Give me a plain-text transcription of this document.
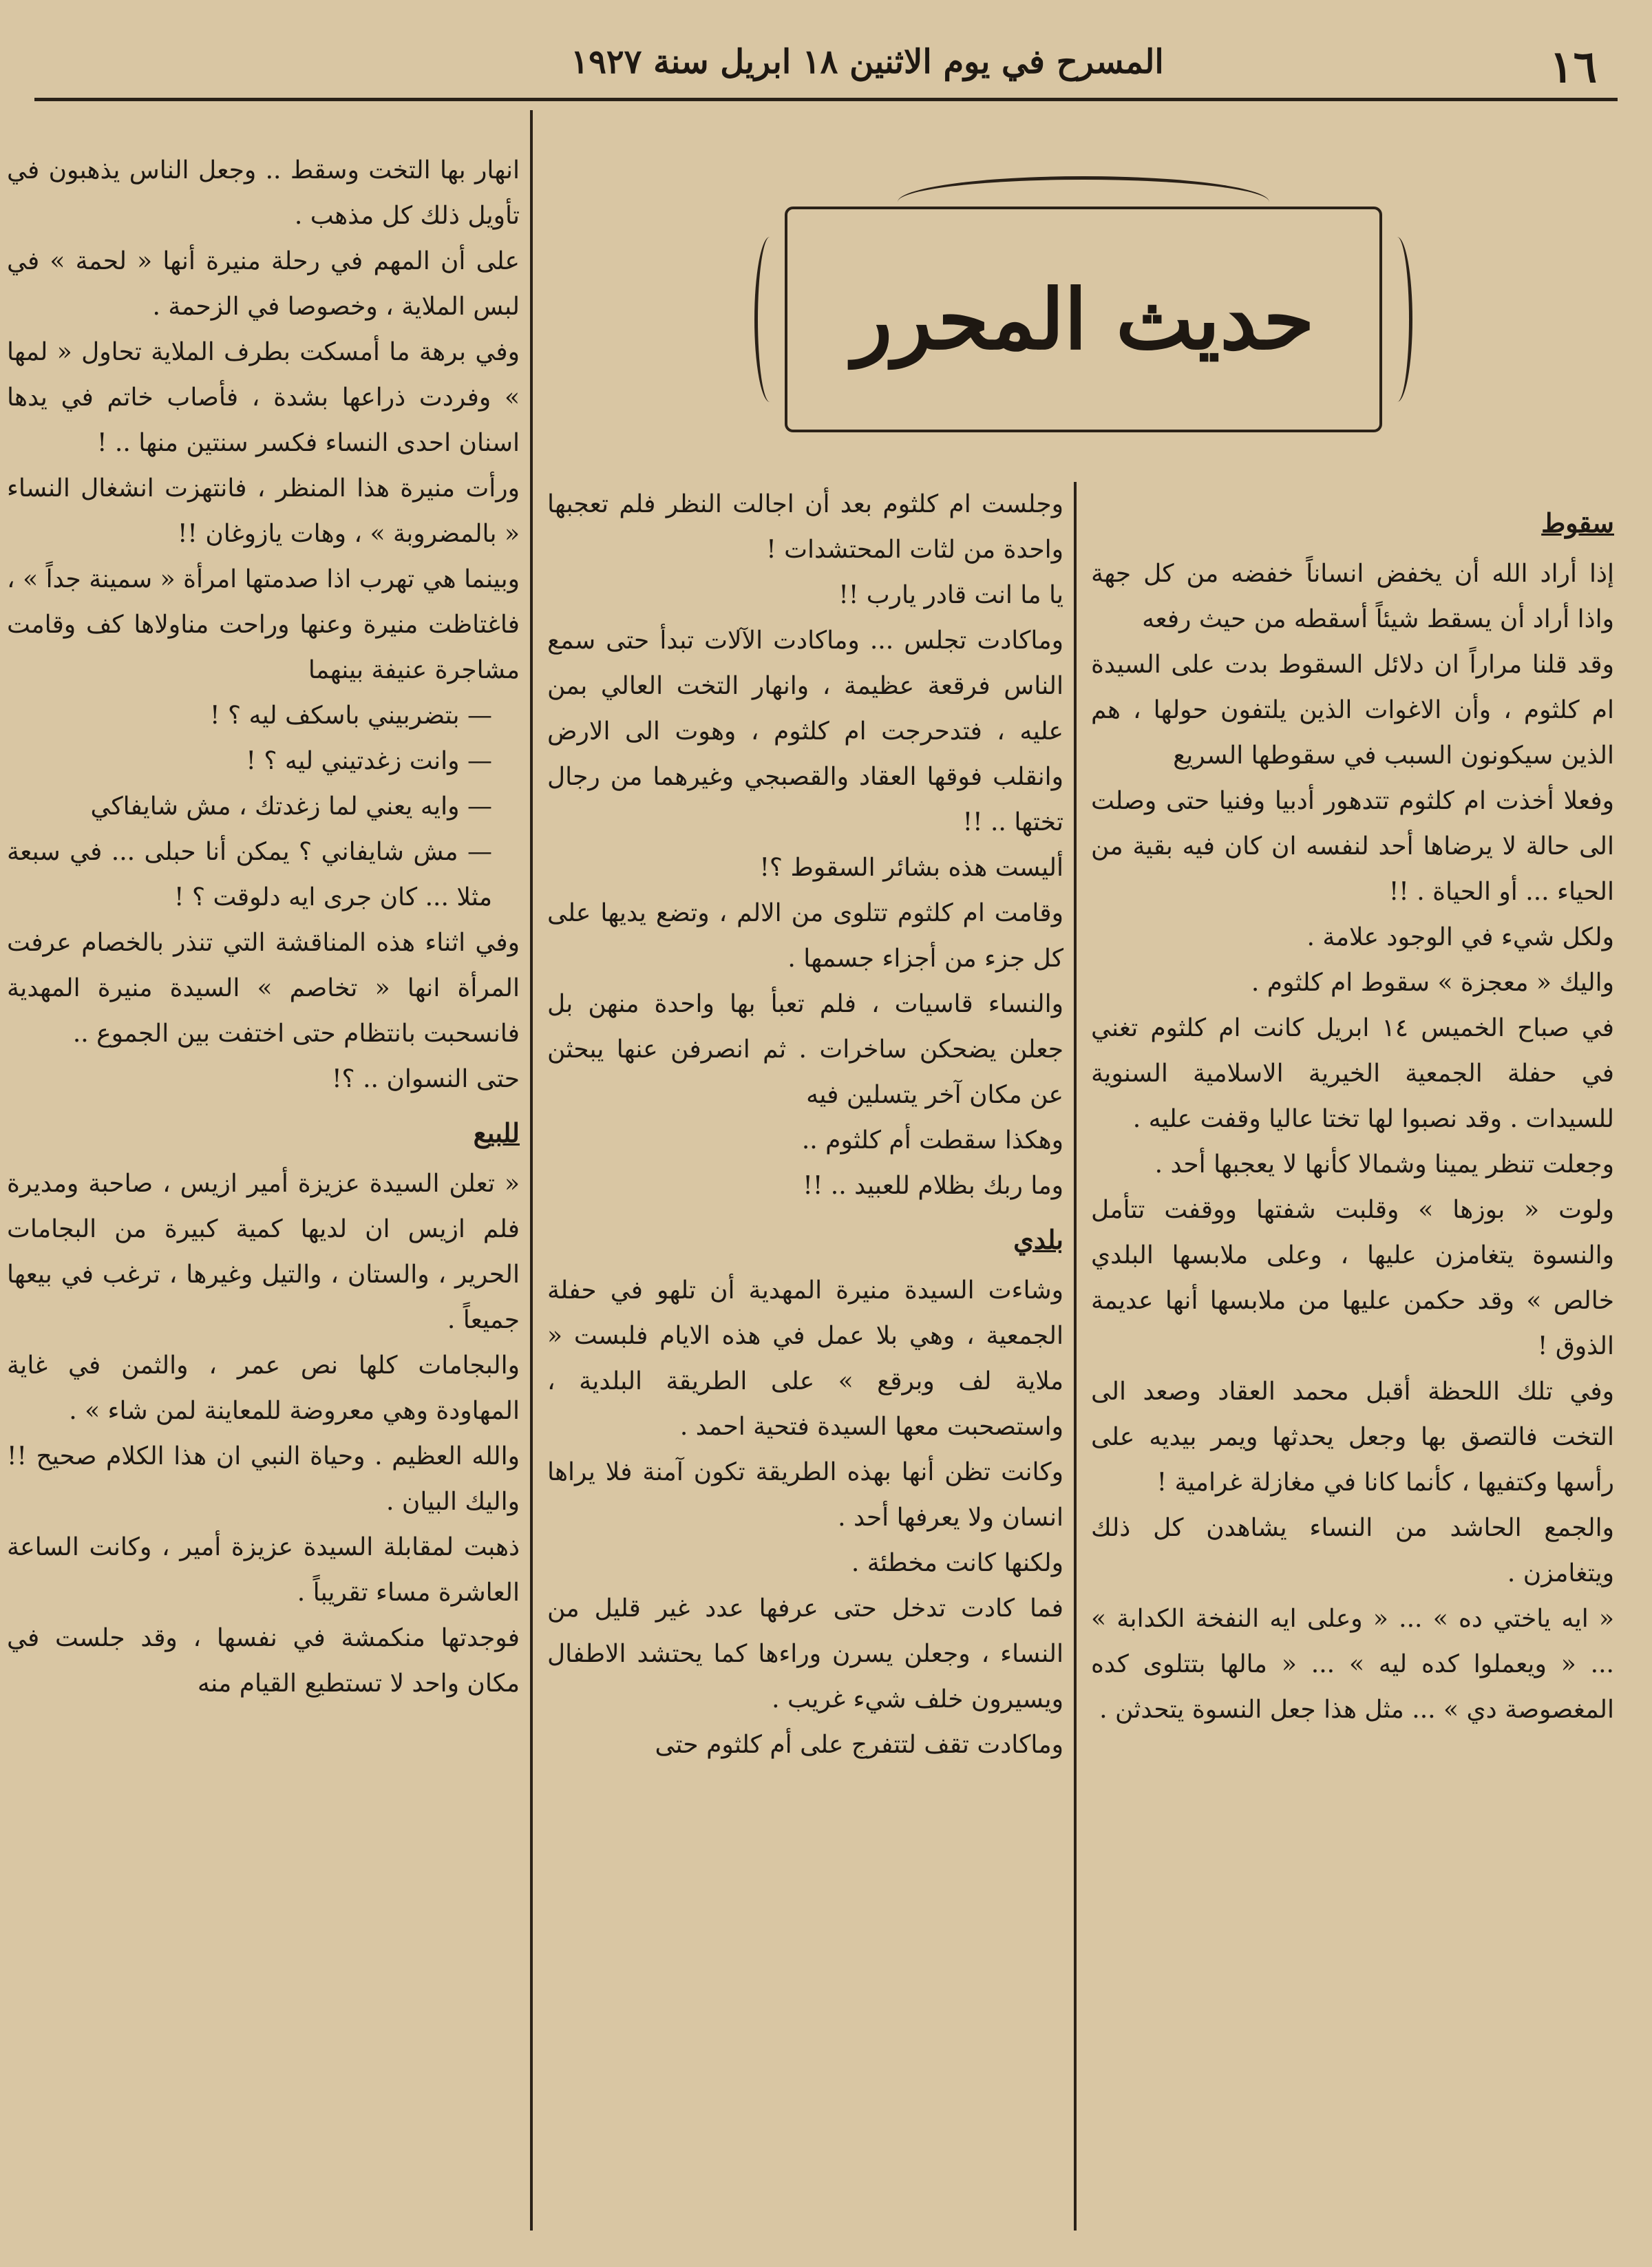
١٦
المسرح في يوم الاثنين ١٨ ابريل سنة ١٩٢٧
حديث المحرر

سقوط

إذا أراد الله أن يخفض انساناً خفضه من كل جهة واذا أراد أن يسقط شيئاً أسقطه من حيث رفعه

وقد قلنا مراراً ان دلائل السقوط بدت على السيدة ام كلثوم ، وأن الاغوات الذين يلتفون حولها ، هم الذين سيكونون السبب في سقوطها السريع

وفعلا أخذت ام كلثوم تتدهور أدبيا وفنيا حتى وصلت الى حالة لا يرضاها أحد لنفسه ان كان فيه بقية من الحياء ... أو الحياة . !!

ولكل شيء في الوجود علامة .

واليك « معجزة » سقوط ام كلثوم .

في صباح الخميس ١٤ ابريل كانت ام كلثوم تغني في حفلة الجمعية الخيرية الاسلامية السنوية للسيدات . وقد نصبوا لها تختا عاليا وقفت عليه .

وجعلت تنظر يمينا وشمالا كأنها لا يعجبها أحد .

ولوت « بوزها » وقلبت شفتها ووقفت تتأمل والنسوة يتغامزن عليها ، وعلى ملابسها البلدي خالص » وقد حكمن عليها من ملابسها أنها عديمة الذوق !

وفي تلك اللحظة أقبل محمد العقاد وصعد الى التخت فالتصق بها وجعل يحدثها ويمر بيديه على رأسها وكتفيها ، كأنما كانا في مغازلة غرامية !

والجمع الحاشد من النساء يشاهدن كل ذلك ويتغامزن .

« ايه ياختي ده » ... « وعلى ايه النفخة الكدابة » ... « ويعملوا كده ليه » ... « مالها بتتلوى كده المغصوصة دي » ... مثل هذا جعل النسوة يتحدثن .

وجلست ام كلثوم بعد أن اجالت النظر فلم تعجبها واحدة من لثات المحتشدات !

يا ما انت قادر يارب !!

وماكادت تجلس ... وماكادت الآلات تبدأ حتى سمع الناس فرقعة عظيمة ، وانهار التخت العالي بمن عليه ، فتدحرجت ام كلثوم ، وهوت الى الارض وانقلب فوقها العقاد والقصبجي وغيرهما من رجال تختها .. !!

أليست هذه بشائر السقوط ؟!

وقامت ام كلثوم تتلوى من الالم ، وتضع يديها على كل جزء من أجزاء جسمها .

والنساء قاسيات ، فلم تعبأ بها واحدة منهن بل جعلن يضحكن ساخرات . ثم انصرفن عنها يبحثن عن مكان آخر يتسلين فيه

وهكذا سقطت أم كلثوم ..

وما ربك بظلام للعبيد .. !!

بلدي

وشاءت السيدة منيرة المهدية أن تلهو في حفلة الجمعية ، وهي بلا عمل في هذه الايام فلبست « ملاية لف وبرقع » على الطريقة البلدية ، واستصحبت معها السيدة فتحية احمد .

وكانت تظن أنها بهذه الطريقة تكون آمنة فلا يراها انسان ولا يعرفها أحد .

ولكنها كانت مخطئة .

فما كادت تدخل حتى عرفها عدد غير قليل من النساء ، وجعلن يسرن وراءها كما يحتشد الاطفال ويسيرون خلف شيء غريب .

وماكادت تقف لتتفرج على أم كلثوم حتى

انهار بها التخت وسقط .. وجعل الناس يذهبون في تأويل ذلك كل مذهب .

على أن المهم في رحلة منيرة أنها « لحمة » في لبس الملاية ، وخصوصا في الزحمة .

وفي برهة ما أمسكت بطرف الملاية تحاول « لمها » وفردت ذراعها بشدة ، فأصاب خاتم في يدها اسنان احدى النساء فكسر سنتين منها .. !

ورأت منيرة هذا المنظر ، فانتهزت انشغال النساء « بالمضروبة » ، وهات يازوغان !!

وبينما هي تهرب اذا صدمتها امرأة « سمينة جداً » ، فاغتاظت منيرة وعنها وراحت مناولاها كف وقامت مشاجرة عنيفة بينهما

— بتضربيني باسكف ليه ؟ !

— وانت زغدتيني ليه ؟ !

— وايه يعني لما زغدتك ، مش شايفاكي

— مش شايفاني ؟ يمكن أنا حبلى ... في سبعة مثلا ... كان جرى ايه دلوقت ؟ !

وفي اثناء هذه المناقشة التي تنذر بالخصام عرفت المرأة انها « تخاصم » السيدة منيرة المهدية فانسحبت بانتظام حتى اختفت بين الجموع ..

حتى النسوان .. ؟!

للبيع

« تعلن السيدة عزيزة أمير ازيس ، صاحبة ومديرة فلم ازيس ان لديها كمية كبيرة من البجامات الحرير ، والستان ، والتيل وغيرها ، ترغب في بيعها جميعاً .

والبجامات كلها نص عمر ، والثمن في غاية المهاودة وهي معروضة للمعاينة لمن شاء » .

والله العظيم . وحياة النبي ان هذا الكلام صحيح !! واليك البيان .

ذهبت لمقابلة السيدة عزيزة أمير ، وكانت الساعة العاشرة مساء تقريباً .

فوجدتها منكمشة في نفسها ، وقد جلست في مكان واحد لا تستطيع القيام منه
